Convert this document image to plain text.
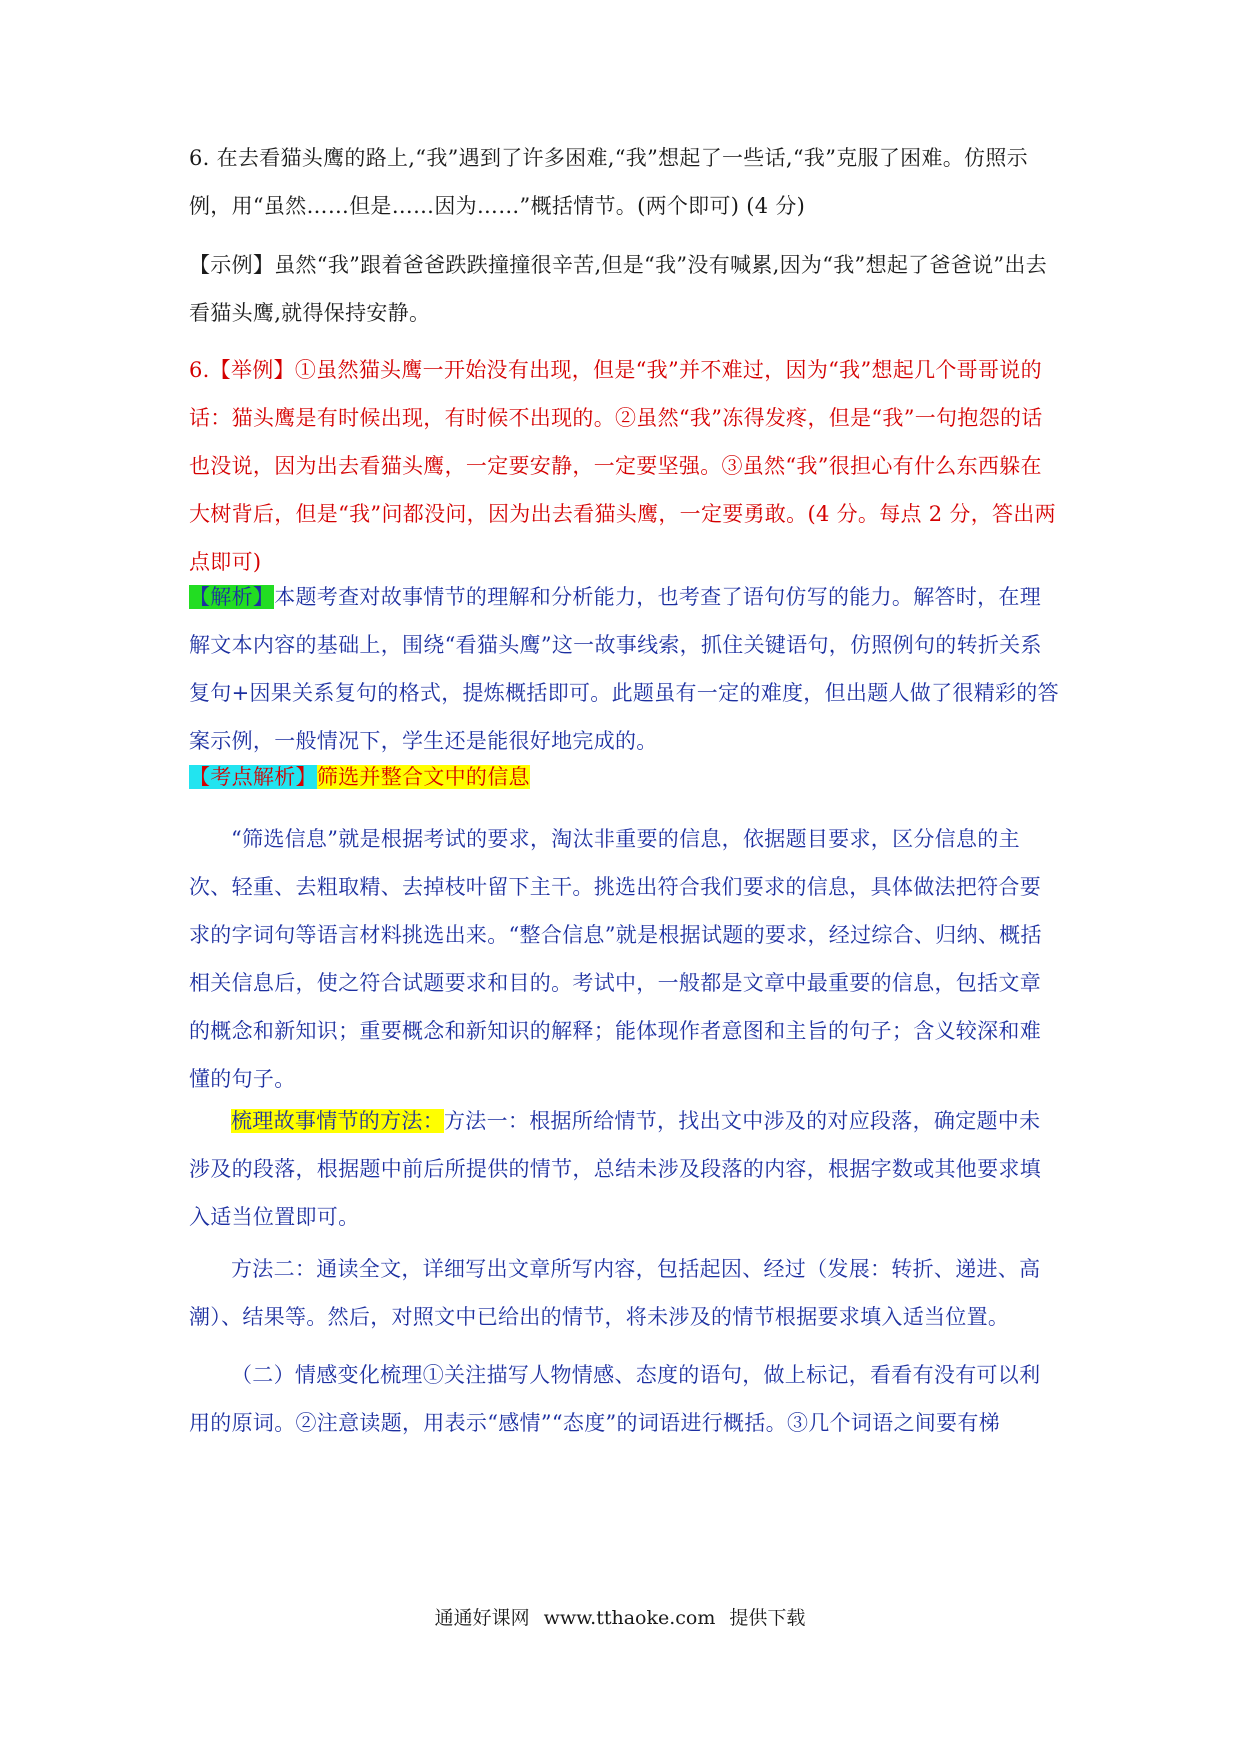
6. 在去看猫头鹰的路上,“我”遇到了许多困难,“我”想起了一些话,“我”克服了困难。仿照示例，用“虽然……但是……因为……”概括情节。(两个即可) (4 分)

【示例】虽然“我”跟着爸爸跌跌撞撞很辛苦,但是“我”没有喊累,因为“我”想起了爸爸说”出去看猫头鹰,就得保持安静。

6.【举例】①虽然猫头鹰一开始没有出现，但是“我”并不难过，因为“我”想起几个哥哥说的话：猫头鹰是有时候出现，有时候不出现的。②虽然“我”冻得发疼，但是“我”一句抱怨的话也没说，因为出去看猫头鹰，一定要安静，一定要坚强。③虽然“我”很担心有什么东西躲在大树背后，但是“我”问都没问，因为出去看猫头鹰，一定要勇敢。(4 分。每点 2 分，答出两点即可)

【解析】本题考查对故事情节的理解和分析能力，也考查了语句仿写的能力。解答时，在理解文本内容的基础上，围绕“看猫头鹰”这一故事线索，抓住关键语句，仿照例句的转折关系复句+因果关系复句的格式，提炼概括即可。此题虽有一定的难度，但出题人做了很精彩的答案示例，一般情况下，学生还是能很好地完成的。

【考点解析】筛选并整合文中的信息

“筛选信息”就是根据考试的要求，淘汰非重要的信息，依据题目要求，区分信息的主次、轻重、去粗取精、去掉枝叶留下主干。挑选出符合我们要求的信息，具体做法把符合要求的字词句等语言材料挑选出来。“整合信息”就是根据试题的要求，经过综合、归纳、概括相关信息后，使之符合试题要求和目的。考试中，一般都是文章中最重要的信息，包括文章的概念和新知识；重要概念和新知识的解释；能体现作者意图和主旨的句子；含义较深和难懂的句子。

梳理故事情节的方法：方法一：根据所给情节，找出文中涉及的对应段落，确定题中未涉及的段落，根据题中前后所提供的情节，总结未涉及段落的内容，根据字数或其他要求填入适当位置即可。

方法二：通读全文，详细写出文章所写内容，包括起因、经过（发展：转折、递进、高潮）、结果等。然后，对照文中已给出的情节，将未涉及的情节根据要求填入适当位置。

（二）情感变化梳理①关注描写人物情感、态度的语句，做上标记，看看有没有可以利用的原词。②注意读题，用表示“感情”“态度”的词语进行概括。③几个词语之间要有梯

通通好课网 www.tthaoke.com 提供下载
